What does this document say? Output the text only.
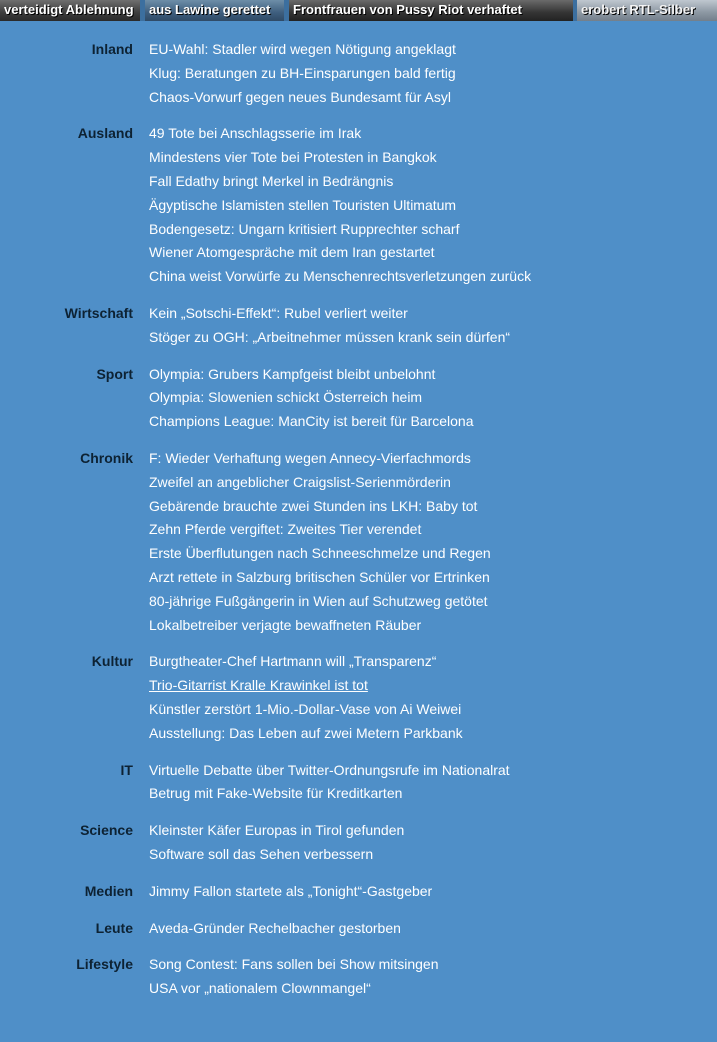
verteidigt Ablehnung	aus Lawine gerettet	Frontfrauen von Pussy Riot verhaftet	erobert RTL-Silber
Inland EU-Wahl: Stadler wird wegen Nötigung angeklagt
Klug: Beratungen zu BH-Einsparungen bald fertig
Chaos-Vorwurf gegen neues Bundesamt für Asyl
Ausland 49 Tote bei Anschlagsserie im Irak
Mindestens vier Tote bei Protesten in Bangkok
Fall Edathy bringt Merkel in Bedrängnis
Ägyptische Islamisten stellen Touristen Ultimatum
Bodengesetz: Ungarn kritisiert Rupprechter scharf
Wiener Atomgespräche mit dem Iran gestartet
China weist Vorwürfe zu Menschenrechtsverletzungen zurück
Wirtschaft Kein „Sotschi-Effekt“: Rubel verliert weiter
Stöger zu OGH: „Arbeitnehmer müssen krank sein dürfen“
Sport Olympia: Grubers Kampfgeist bleibt unbelohnt
Olympia: Slowenien schickt Österreich heim
Champions League: ManCity ist bereit für Barcelona
Chronik F: Wieder Verhaftung wegen Annecy-Vierfachmords
Zweifel an angeblicher Craigslist-Serienmörderin
Gebärende brauchte zwei Stunden ins LKH: Baby tot
Zehn Pferde vergiftet: Zweites Tier verendet
Erste Überflutungen nach Schneeschmelze und Regen
Arzt rettete in Salzburg britischen Schüler vor Ertrinken
80-jährige Fußgängerin in Wien auf Schutzweg getötet
Lokalbetreiber verjagte bewaffneten Räuber
Kultur Burgtheater-Chef Hartmann will „Transparenz“
Trio-Gitarrist Kralle Krawinkel ist tot
Künstler zerstört 1-Mio.-Dollar-Vase von Ai Weiwei
Ausstellung: Das Leben auf zwei Metern Parkbank
IT Virtuelle Debatte über Twitter-Ordnungsrufe im Nationalrat
Betrug mit Fake-Website für Kreditkarten
Science Kleinster Käfer Europas in Tirol gefunden
Software soll das Sehen verbessern
Medien Jimmy Fallon startete als „Tonight“-Gastgeber
Leute Aveda-Gründer Rechelbacher gestorben
Lifestyle Song Contest: Fans sollen bei Show mitsingen
USA vor „nationalem Clownmangel“
